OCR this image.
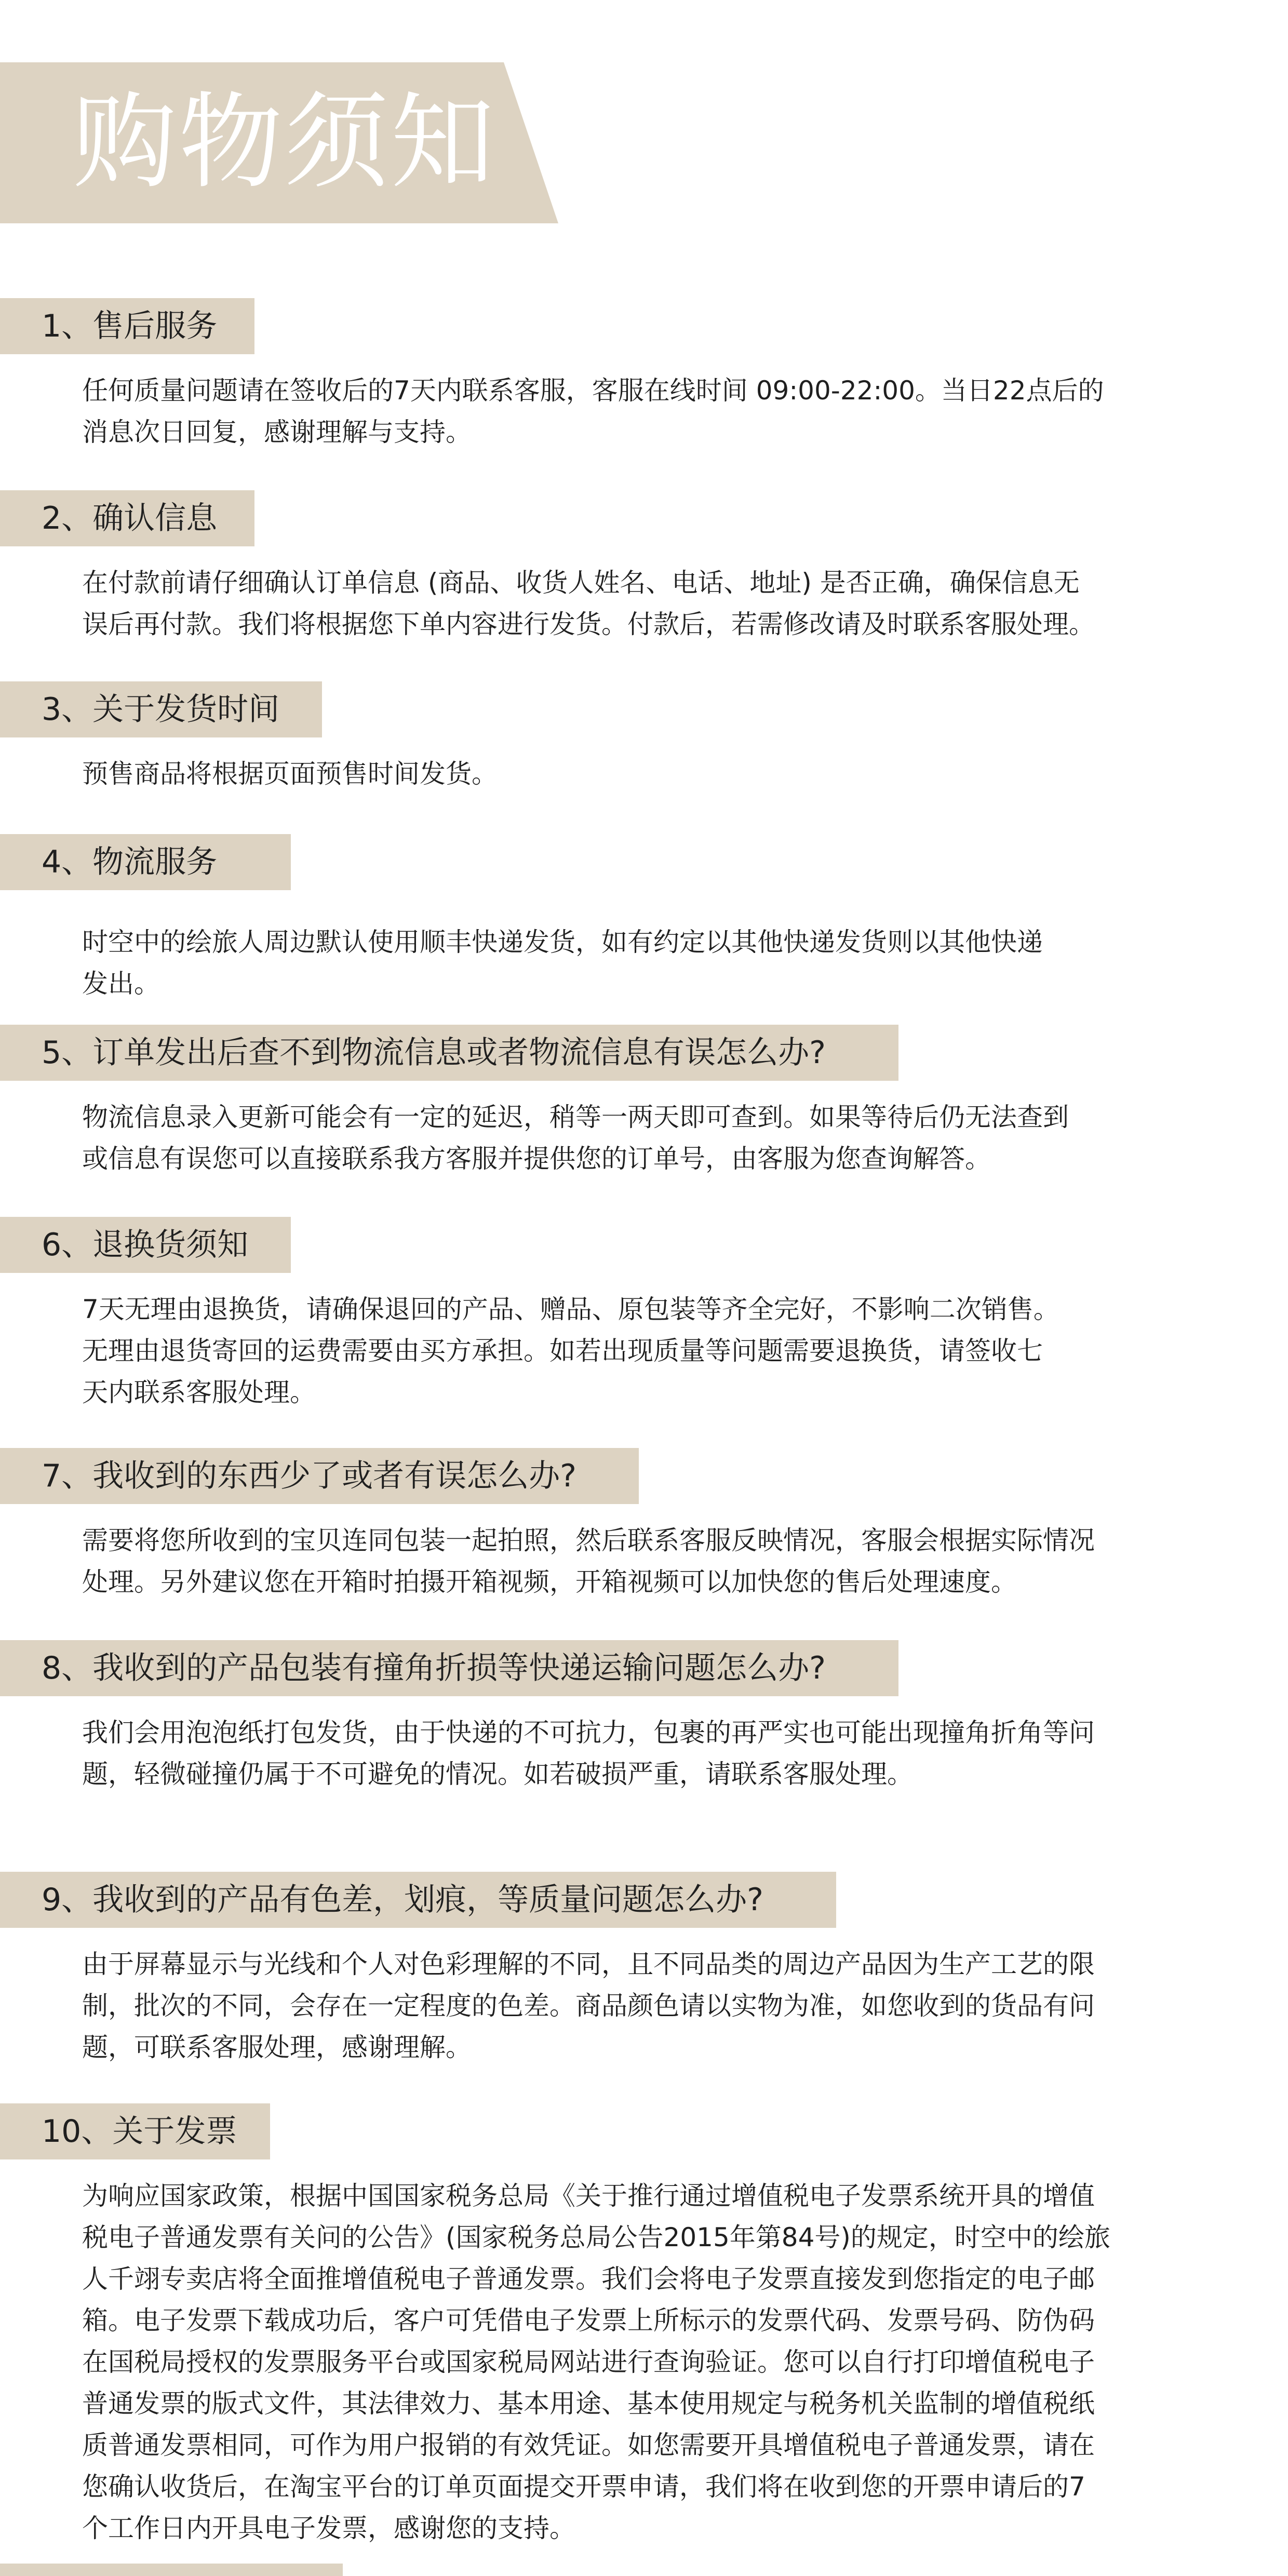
购物须知
1、售后服务
任何质量问题请在签收后的7天内联系客服，客服在线时间 09:00-22:00。当日22点后的
消息次日回复，感谢理解与支持。
2、确认信息
在付款前请仔细确认订单信息 (商品、收货人姓名、电话、地址) 是否正确，确保信息无
误后再付款。我们将根据您下单内容进行发货。付款后，若需修改请及时联系客服处理。
3、关于发货时间
预售商品将根据页面预售时间发货。
4、物流服务
时空中的绘旅人周边默认使用顺丰快递发货，如有约定以其他快递发货则以其他快递
发出。
5、订单发出后查不到物流信息或者物流信息有误怎么办?
物流信息录入更新可能会有一定的延迟，稍等一两天即可查到。如果等待后仍无法查到
或信息有误您可以直接联系我方客服并提供您的订单号，由客服为您查询解答。
6、退换货须知
7天无理由退换货，请确保退回的产品、赠品、原包装等齐全完好，不影响二次销售。
无理由退货寄回的运费需要由买方承担。如若出现质量等问题需要退换货，请签收七
天内联系客服处理。
7、我收到的东西少了或者有误怎么办?
需要将您所收到的宝贝连同包装一起拍照，然后联系客服反映情况，客服会根据实际情况
处理。另外建议您在开箱时拍摄开箱视频，开箱视频可以加快您的售后处理速度。
8、我收到的产品包装有撞角折损等快递运输问题怎么办?
我们会用泡泡纸打包发货，由于快递的不可抗力，包裹的再严实也可能出现撞角折角等问
题，轻微碰撞仍属于不可避免的情况。如若破损严重，请联系客服处理。
9、我收到的产品有色差，划痕，等质量问题怎么办?
由于屏幕显示与光线和个人对色彩理解的不同，且不同品类的周边产品因为生产工艺的限
制，批次的不同，会存在一定程度的色差。商品颜色请以实物为准，如您收到的货品有问
题，可联系客服处理，感谢理解。
10、关于发票
为响应国家政策，根据中国国家税务总局《关于推行通过增值税电子发票系统开具的增值
税电子普通发票有关问的公告》(国家税务总局公告2015年第84号)的规定，时空中的绘旅
人千翊专卖店将全面推增值税电子普通发票。我们会将电子发票直接发到您指定的电子邮
箱。电子发票下载成功后，客户可凭借电子发票上所标示的发票代码、发票号码、防伪码
在国税局授权的发票服务平台或国家税局网站进行查询验证。您可以自行打印增值税电子
普通发票的版式文件，其法律效力、基本用途、基本使用规定与税务机关监制的增值税纸
质普通发票相同，可作为用户报销的有效凭证。如您需要开具增值税电子普通发票，请在
您确认收货后，在淘宝平台的订单页面提交开票申请，我们将在收到您的开票申请后的7
个工作日内开具电子发票，感谢您的支持。
